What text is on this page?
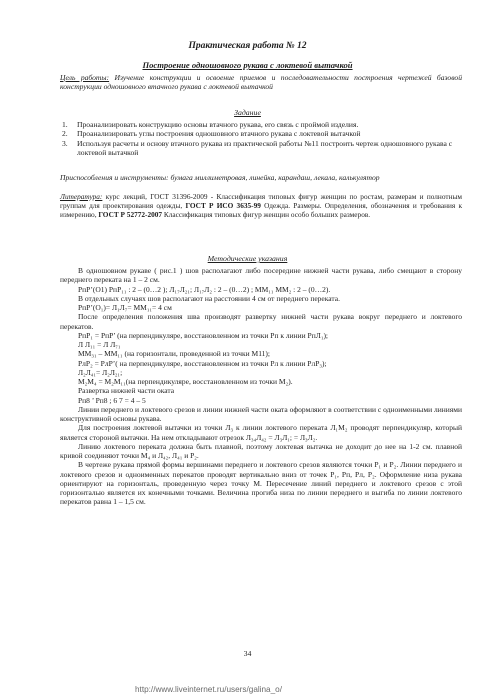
Практическая работа № 12
Построение одношовного рукава с локтевой вытачкой
Цель работы: Изучение конструкции и освоение приемов и последовательности построения чертежей базовой конструкции одношовного втачного рукава с локтевой вытачкой
Задание
1.	Проанализировать конструкцию основы втачного рукава, его связь с проймой изделия.
2.	Проанализировать углы построения одношовного втачного рукава с локтевой вытачкой
3.	Используя расчеты и основу втачного рукава из практической работы №11 построить чертеж одношовного рукава с локтевой вытачкой
Приспособления и инструменты: бумага миллиметровая, линейка, карандаш, лекала, калькулятор
Литература: курс лекций, ГОСТ 31396-2009 - Классификация типовых фигур женщин по ростам, размерам и полнотным группам для проектирования одежды, ГОСТ Р ИСО 3635-99 Одежда. Размеры. Определения, обозначения и требования к измерению, ГОСТ Р 52772-2007 Классификация типовых фигур женщин особо больших размеров.
Методические указания

В одношовном рукаве ( рис.1 ) шов располагают либо посередине нижней части рукава, либо смещают в сторону переднего переката на 1 – 2 см.

РпР’(О1) РпР₁₁ : 2 – (0…2 ); Л₁₇Л₂₁; Л₁₇Л₂ : 2 – (0…2) ; ММ₁₁ ММ₂ : 2 – (0…2).

В отдельных случаях шов располагают на расстоянии 4 см от переднего переката.

РпР’(О₁)= Л₁Л₇= ММ₁₁= 4 см

После определения положения шва производят развертку нижней части рукава вокруг переднего и локтевого перекатов.

РпР₁ = РпР’ (на перпендикуляре, восстановленном из точки Рп к линии РпЛ₁);

Л Л₁₁ = Л Л₇₁

ММ₃₁ – ММ₁₁ (на горизонтали, проведенной из точки М11);

РлР₂ = РлР’( на перпендикуляре, восстановленном из точки Рл к линии РлР₃);

Л₂Л₄₁= Л₂Л₂₁;

М₂М₄ = М₂М₁₁(на перпендикуляре, восстановленном из точки М₂).

Развертка нижней части оката

Рп8 ’ Рп8 ; 6 7 = 4 – 5

Линии переднего и локтевого срезов и линии нижней части оката оформляют в соответствии с одноименными линиями конструктивной основы рукава.

Для построения локтевой вытачки из точки Л₃ к линии локтевого переката Л₁М₂ проводят перпендикуляр, который является стороной вытачки. На нем откладывают отрезок Л₃₄Л₄₂ = Л₃Л₁; = Л₃Л₂.

Линию локтевого переката должна быть плавной, поэтому локтевая вытачка не доходит до нее на 1-2 см. плавной кривой соединяют точки М₄ и Л₄₂, Л₄₁ и Р₂.

В чертеже рукава прямой формы вершинами переднего и локтевого срезов являются точки Р₁ и Р₂. Линии переднего и локтевого срезов и одноименных перекатов проводят вертикально вниз от точек Р₁, Рп, Рл, Р₂. Оформление низа рукава ориентируют на горизонталь, проведенную через точку М. Пересечение линий переднего и локтевого срезов с этой горизонталью является их конечными точками. Величина прогиба низа по линии переднего и выгиба по линии локтевого перекатов равна 1 – 1,5 см.

34
http://www.liveinternet.ru/users/galina_o/
